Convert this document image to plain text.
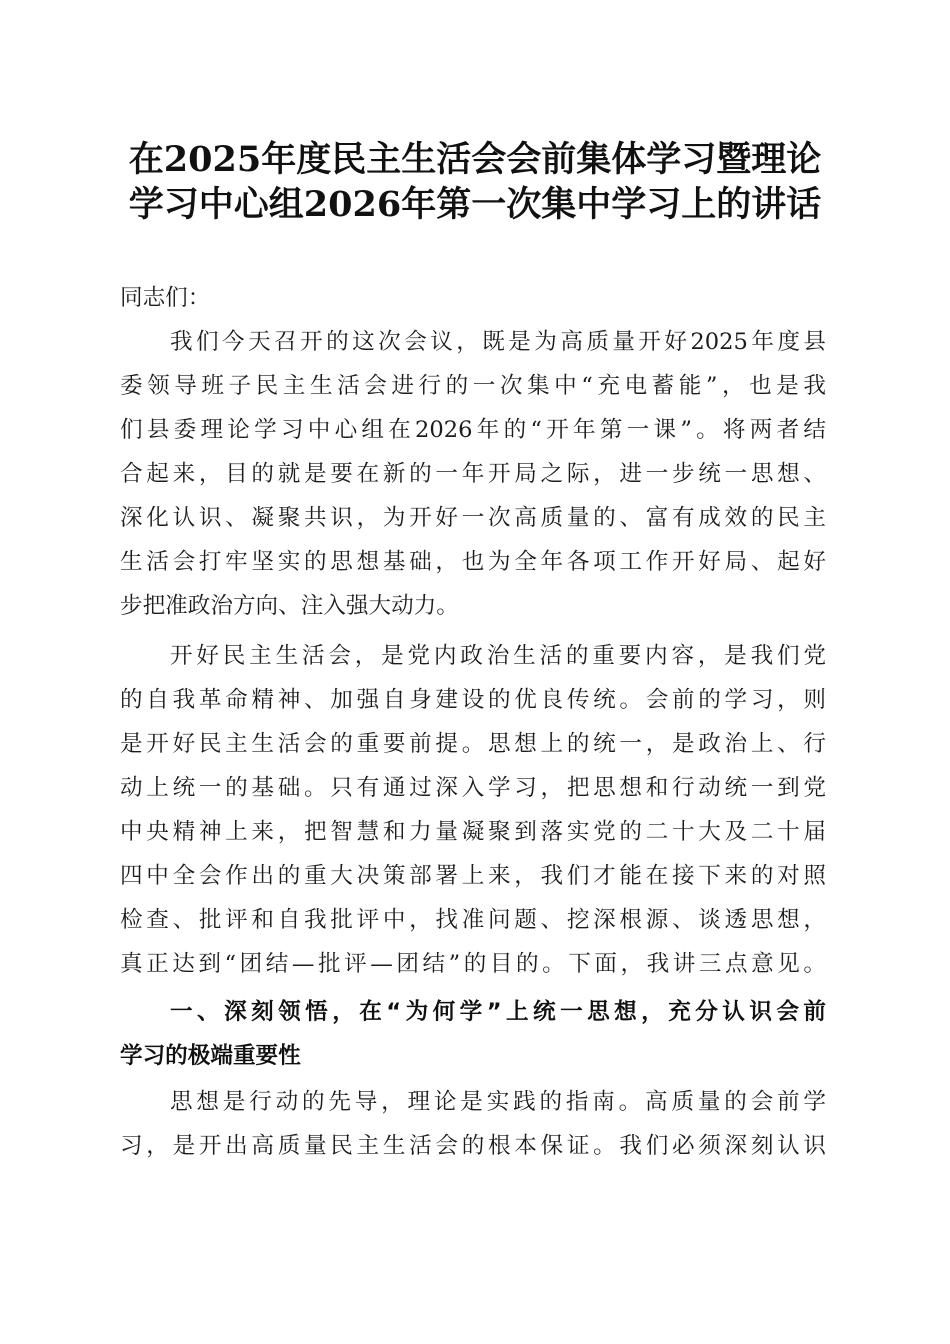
在2025年度民主生活会会前集体学习暨理论
学习中心组2026年第一次集中学习上的讲话
同志们：
我们今天召开的这次会议，既是为高质量开好2025年度县
委领导班子民主生活会进行的一次集中“充电蓄能”，也是我
们县委理论学习中心组在2026年的“开年第一课”。将两者结
合起来，目的就是要在新的一年开局之际，进一步统一思想、
深化认识、凝聚共识，为开好一次高质量的、富有成效的民主
生活会打牢坚实的思想基础，也为全年各项工作开好局、起好
步把准政治方向、注入强大动力。
开好民主生活会，是党内政治生活的重要内容，是我们党
的自我革命精神、加强自身建设的优良传统。会前的学习，则
是开好民主生活会的重要前提。思想上的统一，是政治上、行
动上统一的基础。只有通过深入学习，把思想和行动统一到党
中央精神上来，把智慧和力量凝聚到落实党的二十大及二十届
四中全会作出的重大决策部署上来，我们才能在接下来的对照
检查、批评和自我批评中，找准问题、挖深根源、谈透思想，
真正达到“团结—批评—团结”的目的。下面，我讲三点意见。
一、深刻领悟，在“为何学”上统一思想，充分认识会前
学习的极端重要性
思想是行动的先导，理论是实践的指南。高质量的会前学
习，是开出高质量民主生活会的根本保证。我们必须深刻认识
